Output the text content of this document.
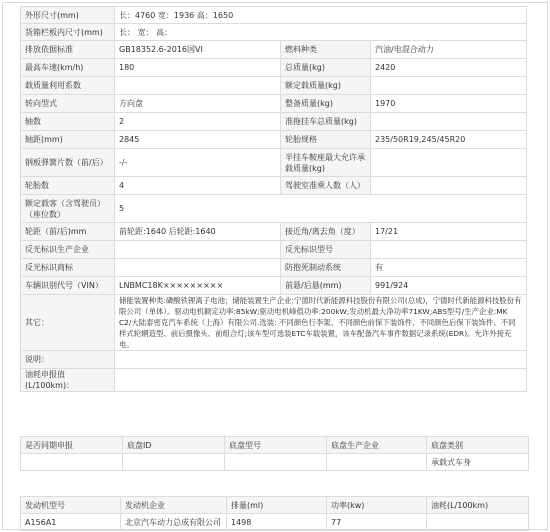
外形尺寸(mm)	长：4760 宽：1936 高：1650		
货箱栏板内尺寸(mm)	长： 宽： 高：		
排放依据标准	GB18352.6-2016国VI	燃料种类	汽油/电混合动力
最高车速(km/h)	180	总质量(kg)	2420
载质量利用系数		额定载质量(kg)	
转向型式	方向盘	整备质量(kg)	1970
轴数	2	准拖挂车总质量(kg)	
轴距(mm)	2845	轮胎规格	235/50R19,245/45R20
钢板弹簧片数（前/后）	-/-	半挂车鞍座最大允许承载质量(kg)	
轮胎数	4	驾驶室准乘人数（人）	
额定载客（含驾驶员）（座位数）	5		
轮距（前/后)mm	前轮距:1640 后轮距:1640	接近角/离去角（度）	17/21
反光标识生产企业		反光标识型号	
反光标识商标		防抱死制动系统	有
车辆识别代号（VIN）	LNBMC18K×××××××××	前悬/后悬(mm)	991/924
其它：	储能装置种类:磷酸铁锂离子电池；储能装置生产企业:宁德时代新能源科技股份有限公司(总成)，宁德时代新能源科技股份有限公司（单体）。驱动电机额定功率:85kW;驱动电机峰值功率:200kW;发动机最大净功率71KW;ABS型号/生产企业:MK C2/大陆泰密克汽车系统（上海）有限公司.选装: 不同颜色行李架、不同颜色前保下装饰件、不同颜色后保下装饰件、不同样式轮辋造型、前后摄像头、前组合灯;该车型可选装ETC车载装置，该车配备汽车事件数据记录系统(EDR)。允许外接充电。		
说明：			
油耗申报值(L/100km)：			
是否同期申报	底盘ID	底盘型号	底盘生产企业	底盘类别
				承载式车身
发动机型号	发动机企业	排量(ml)	功率(kw)	油耗(L/100km)
A156A1	北京汽车动力总成有限公司	1498	77	
